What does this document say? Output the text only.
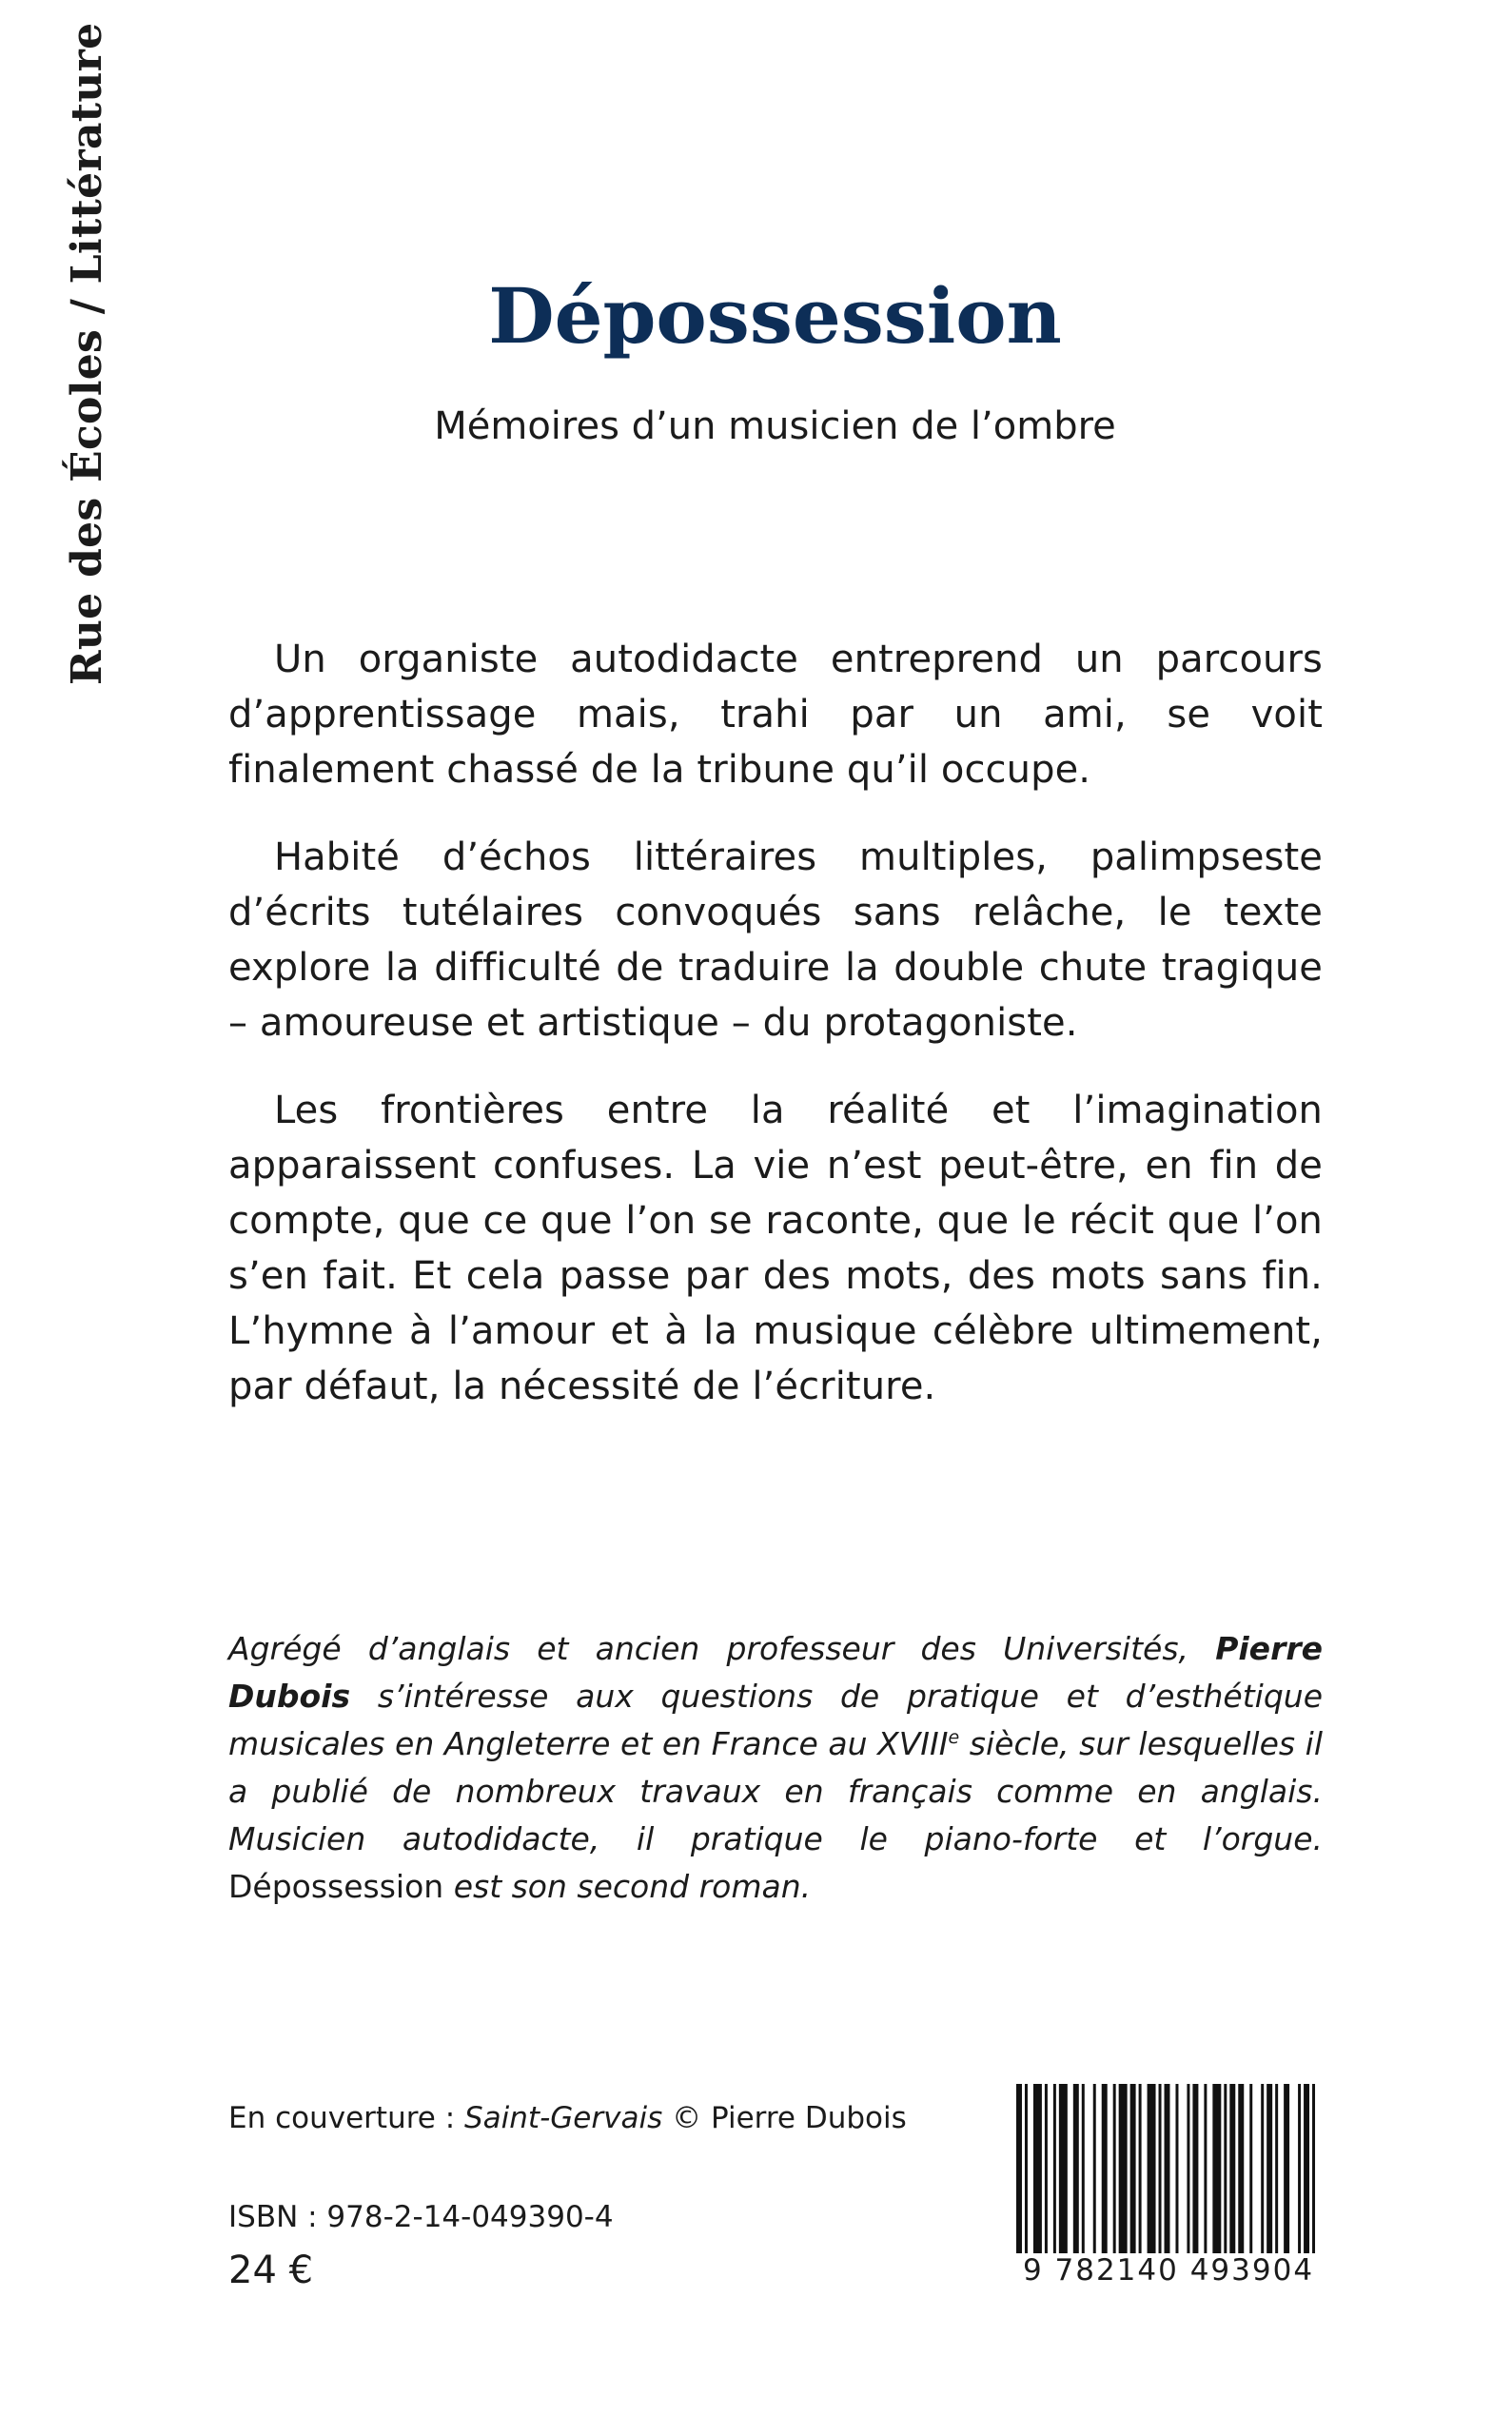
Rue des Écoles / Littérature	Dépossession
Mémoires d’un musicien de l’ombre

Un organiste autodidacte entreprend un parcours d’apprentissage mais, trahi par un ami, se voit finalement chassé de la tribune qu’il occupe.

Habité d’échos littéraires multiples, palimpseste d’écrits tutélaires convoqués sans relâche, le texte explore la difficulté de traduire la double chute tragique – amoureuse et artistique – du protagoniste.

Les frontières entre la réalité et l’imagination apparaissent confuses. La vie n’est peut-être, en fin de compte, que ce que l’on se raconte, que le récit que l’on s’en fait. Et cela passe par des mots, des mots sans fin. L’hymne à l’amour et à la musique célèbre ultimement, par défaut, la nécessité de l’écriture.

Agrégé d’anglais et ancien professeur des Universités, Pierre Dubois s’intéresse aux questions de pratique et d’esthétique musicales en Angleterre et en France au XVIIIe siècle, sur lesquelles il a publié de nombreux travaux en français comme en anglais. Musicien autodidacte, il pratique le piano-forte et l’orgue. Dépossession est son second roman.

En couverture : Saint-Gervais © Pierre Dubois
ISBN : 978-2-14-049390-4
24 €	9 782140 493904
